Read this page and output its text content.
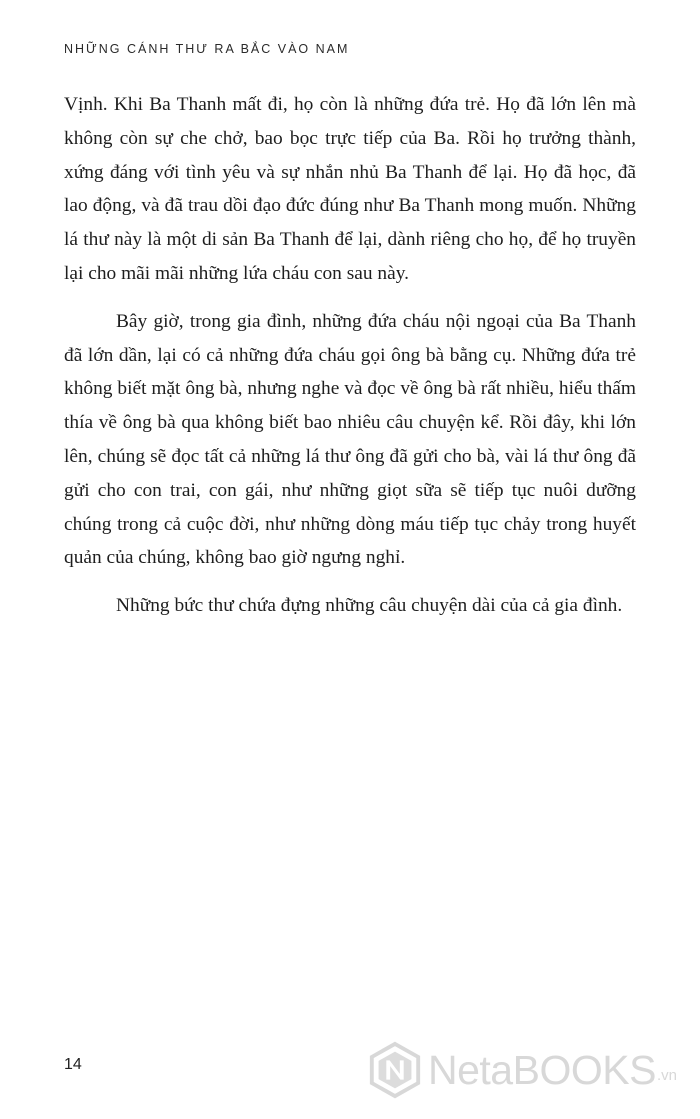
NHỮNG CÁNH THƯ RA BẮC VÀO NAM

Vịnh. Khi Ba Thanh mất đi, họ còn là những đứa trẻ. Họ đã lớn lên mà không còn sự che chở, bao bọc trực tiếp của Ba. Rồi họ trưởng thành, xứng đáng với tình yêu và sự nhắn nhủ Ba Thanh để lại. Họ đã học, đã lao động, và đã trau dồi đạo đức đúng như Ba Thanh mong muốn. Những lá thư này là một di sản Ba Thanh để lại, dành riêng cho họ, để họ truyền lại cho mãi mãi những lứa cháu con sau này.

Bây giờ, trong gia đình, những đứa cháu nội ngoại của Ba Thanh đã lớn dần, lại có cả những đứa cháu gọi ông bà bằng cụ. Những đứa trẻ không biết mặt ông bà, nhưng nghe và đọc về ông bà rất nhiều, hiểu thấm thía về ông bà qua không biết bao nhiêu câu chuyện kể. Rồi đây, khi lớn lên, chúng sẽ đọc tất cả những lá thư ông đã gửi cho bà, vài lá thư ông đã gửi cho con trai, con gái, như những giọt sữa sẽ tiếp tục nuôi dưỡng chúng trong cả cuộc đời, như những dòng máu tiếp tục chảy trong huyết quản của chúng, không bao giờ ngưng nghỉ.

Những bức thư chứa đựng những câu chuyện dài của cả gia đình.

14	NetaBOOKS .vn
